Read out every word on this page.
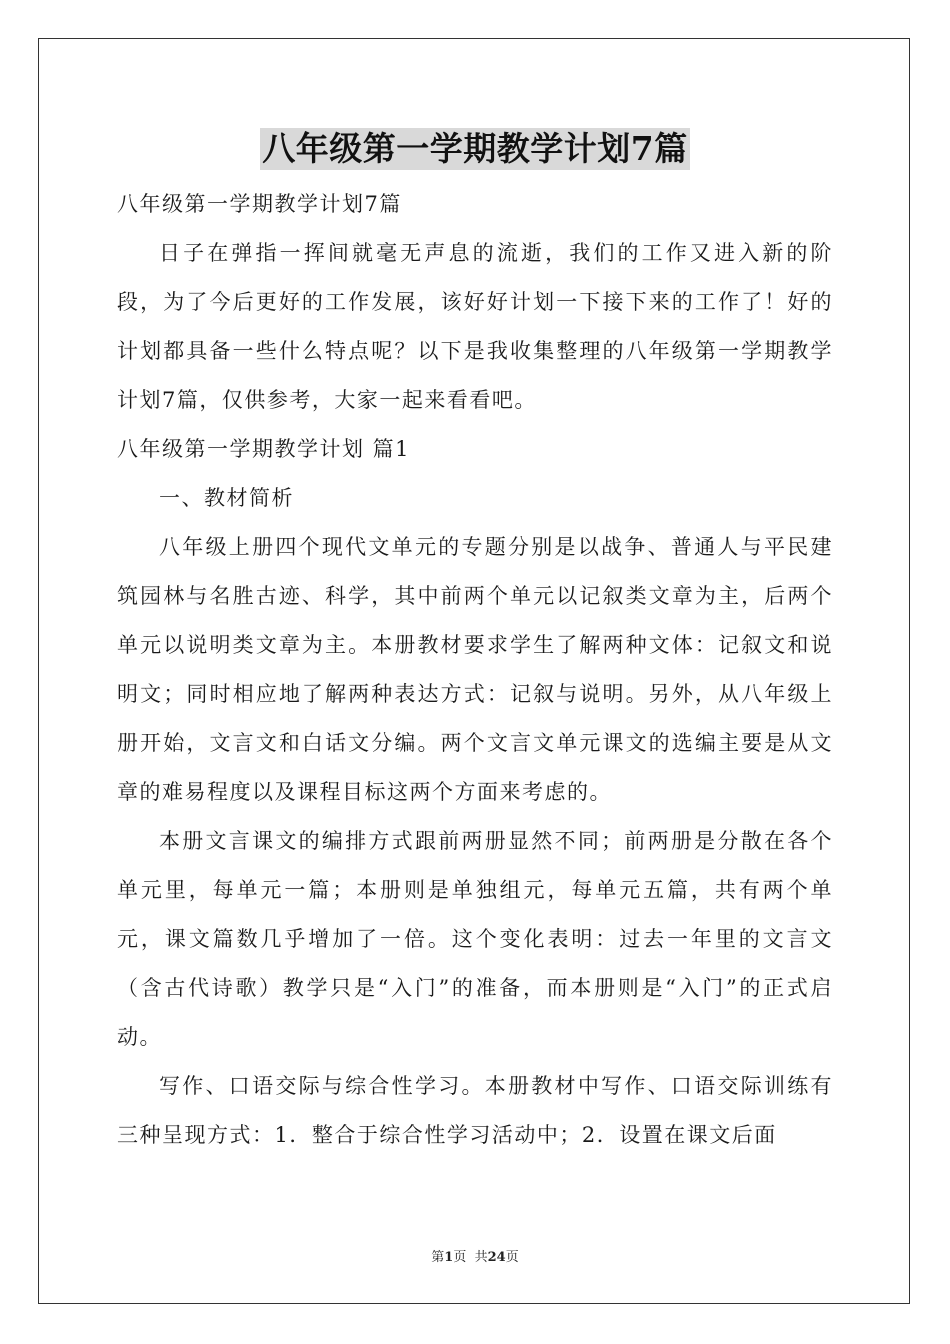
八年级第一学期教学计划7篇

八年级第一学期教学计划7篇

日子在弹指一挥间就毫无声息的流逝，我们的工作又进入新的阶段，为了今后更好的工作发展，该好好计划一下接下来的工作了！好的计划都具备一些什么特点呢？以下是我收集整理的八年级第一学期教学计划7篇，仅供参考，大家一起来看看吧。

八年级第一学期教学计划 篇1

一、教材简析

八年级上册四个现代文单元的专题分别是以战争、普通人与平民建筑园林与名胜古迹、科学，其中前两个单元以记叙类文章为主，后两个单元以说明类文章为主。本册教材要求学生了解两种文体：记叙文和说明文；同时相应地了解两种表达方式：记叙与说明。另外，从八年级上册开始，文言文和白话文分编。两个文言文单元课文的选编主要是从文章的难易程度以及课程目标这两个方面来考虑的。

本册文言课文的编排方式跟前两册显然不同；前两册是分散在各个单元里，每单元一篇；本册则是单独组元，每单元五篇，共有两个单元，课文篇数几乎增加了一倍。这个变化表明：过去一年里的文言文（含古代诗歌）教学只是“入门”的准备，而本册则是“入门”的正式启动。

写作、口语交际与综合性学习。本册教材中写作、口语交际训练有三种呈现方式：1．整合于综合性学习活动中；2．设置在课文后面

第1页  共24页
